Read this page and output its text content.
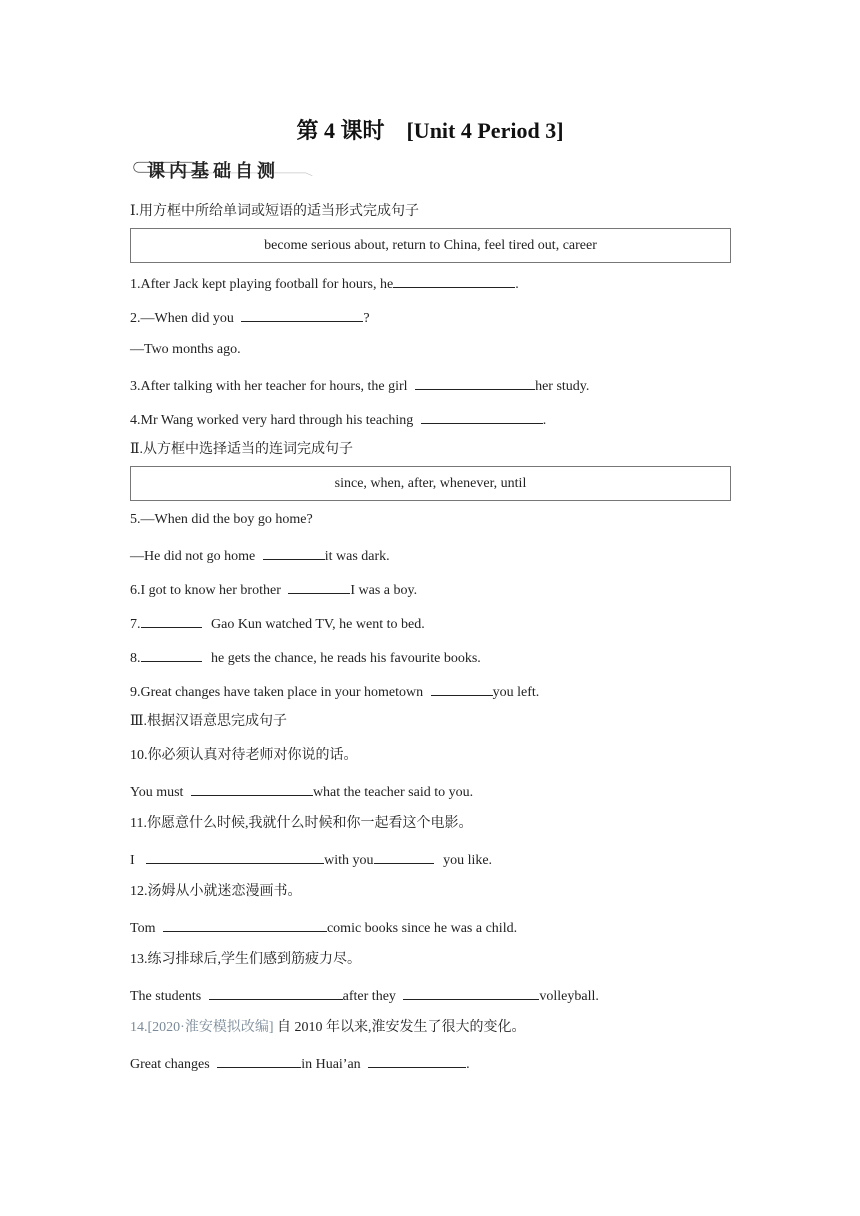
第 4 课时　[Unit 4 Period 3]
课内基础自测
Ⅰ.用方框中所给单词或短语的适当形式完成句子
become serious about, return to China, feel tired out, career
1.After Jack kept playing football for hours, he	.
2.—When did you	?
—Two months ago.
3.After talking with her teacher for hours, the girl	her study.
4.Mr Wang worked very hard through his teaching	.
Ⅱ.从方框中选择适当的连词完成句子
since, when, after, whenever, until
5.—When did the boy go home?
—He did not go home	it was dark.
6.I got to know her brother	I was a boy.
7.	Gao Kun watched TV, he went to bed.
8.	he gets the chance, he reads his favourite books.
9.Great changes have taken place in your hometown	you left.
Ⅲ.根据汉语意思完成句子
10.你必须认真对待老师对你说的话。
You must	what the teacher said to you.
11.你愿意什么时候,我就什么时候和你一起看这个电影。
I	with you	you like.
12.汤姆从小就迷恋漫画书。
Tom	comic books since he was a child.
13.练习排球后,学生们感到筋疲力尽。
The students	after they	volleyball.
14.[2020·淮安模拟改编] 自 2010 年以来,淮安发生了很大的变化。
Great changes	in Huai’an	.
